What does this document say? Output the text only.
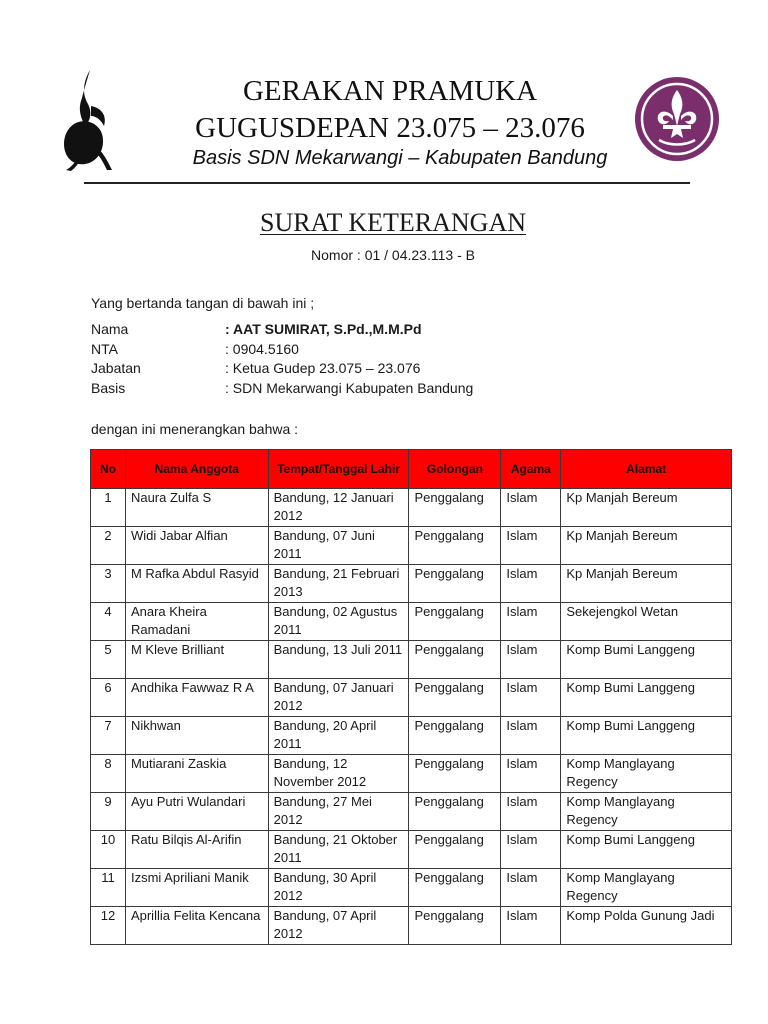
GERAKAN PRAMUKA
GUGUSDEPAN 23.075 – 23.076
Basis SDN Mekarwangi – Kabupaten Bandung
SURAT KETERANGAN
Nomor : 01 / 04.23.113 - B
Yang bertanda tangan di bawah ini ;
Nama	: AAT SUMIRAT, S.Pd.,M.M.Pd
NTA	: 0904.5160
Jabatan	: Ketua Gudep 23.075 – 23.076
Basis	: SDN Mekarwangi Kabupaten Bandung
dengan ini menerangkan bahwa :
No	Nama Anggota	Tempat/Tanggal Lahir	Golongan	Agama	Alamat
1	Naura Zulfa S	Bandung, 12 Januari 2012	Penggalang	Islam	Kp Manjah Bereum
2	Widi Jabar Alfian	Bandung, 07 Juni 2011	Penggalang	Islam	Kp Manjah Bereum
3	M Rafka Abdul Rasyid	Bandung, 21 Februari 2013	Penggalang	Islam	Kp Manjah Bereum
4	Anara Kheira Ramadani	Bandung, 02 Agustus 2011	Penggalang	Islam	Sekejengkol Wetan
5	M Kleve Brilliant	Bandung, 13 Juli 2011	Penggalang	Islam	Komp Bumi Langgeng
6	Andhika Fawwaz R A	Bandung, 07 Januari 2012	Penggalang	Islam	Komp Bumi Langgeng
7	Nikhwan	Bandung, 20 April 2011	Penggalang	Islam	Komp Bumi Langgeng
8	Mutiarani Zaskia	Bandung, 12 November 2012	Penggalang	Islam	Komp Manglayang Regency
9	Ayu Putri Wulandari	Bandung, 27 Mei 2012	Penggalang	Islam	Komp Manglayang Regency
10	Ratu Bilqis Al-Arifin	Bandung, 21 Oktober 2011	Penggalang	Islam	Komp Bumi Langgeng
11	Izsmi Apriliani Manik	Bandung, 30 April 2012	Penggalang	Islam	Komp Manglayang Regency
12	Aprillia Felita Kencana	Bandung, 07 April 2012	Penggalang	Islam	Komp Polda Gunung Jadi
